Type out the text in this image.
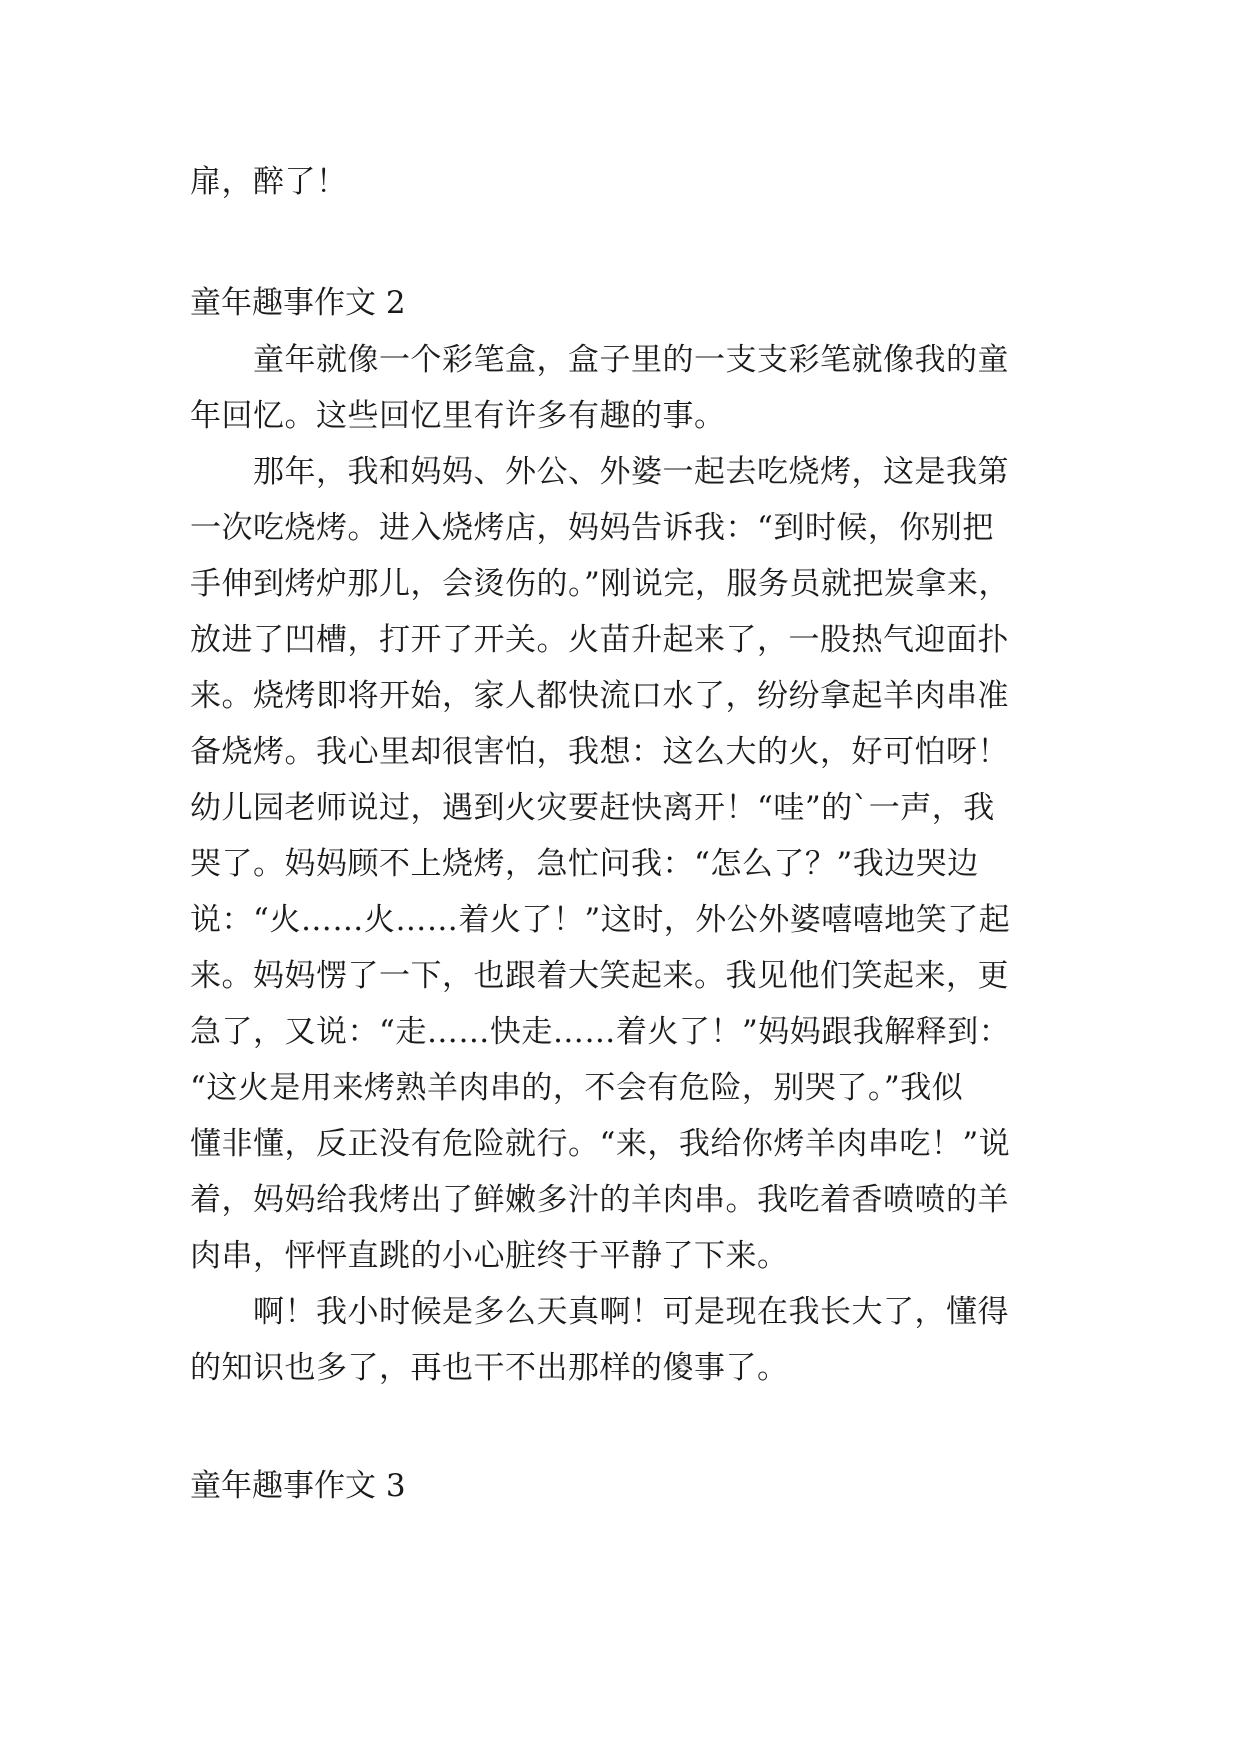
扉，醉了！
童年趣事作文 2
　　童年就像一个彩笔盒，盒子里的一支支彩笔就像我的童
年回忆。这些回忆里有许多有趣的事。
　　那年，我和妈妈、外公、外婆一起去吃烧烤，这是我第
一次吃烧烤。进入烧烤店，妈妈告诉我：“到时候，你别把
手伸到烤炉那儿，会烫伤的。”刚说完，服务员就把炭拿来，
放进了凹槽，打开了开关。火苗升起来了，一股热气迎面扑
来。烧烤即将开始，家人都快流口水了，纷纷拿起羊肉串准
备烧烤。我心里却很害怕，我想：这么大的火，好可怕呀！
幼儿园老师说过，遇到火灾要赶快离开！“哇”的`一声，我
哭了。妈妈顾不上烧烤，急忙问我：“怎么了？”我边哭边
说：“火……火……着火了！”这时，外公外婆嘻嘻地笑了起
来。妈妈愣了一下，也跟着大笑起来。我见他们笑起来，更
急了，又说：“走……快走……着火了！”妈妈跟我解释到：
“这火是用来烤熟羊肉串的，不会有危险，别哭了。”我似
懂非懂，反正没有危险就行。“来，我给你烤羊肉串吃！”说
着，妈妈给我烤出了鲜嫩多汁的羊肉串。我吃着香喷喷的羊
肉串，怦怦直跳的小心脏终于平静了下来。
　　啊！我小时候是多么天真啊！可是现在我长大了，懂得
的知识也多了，再也干不出那样的傻事了。
童年趣事作文 3
